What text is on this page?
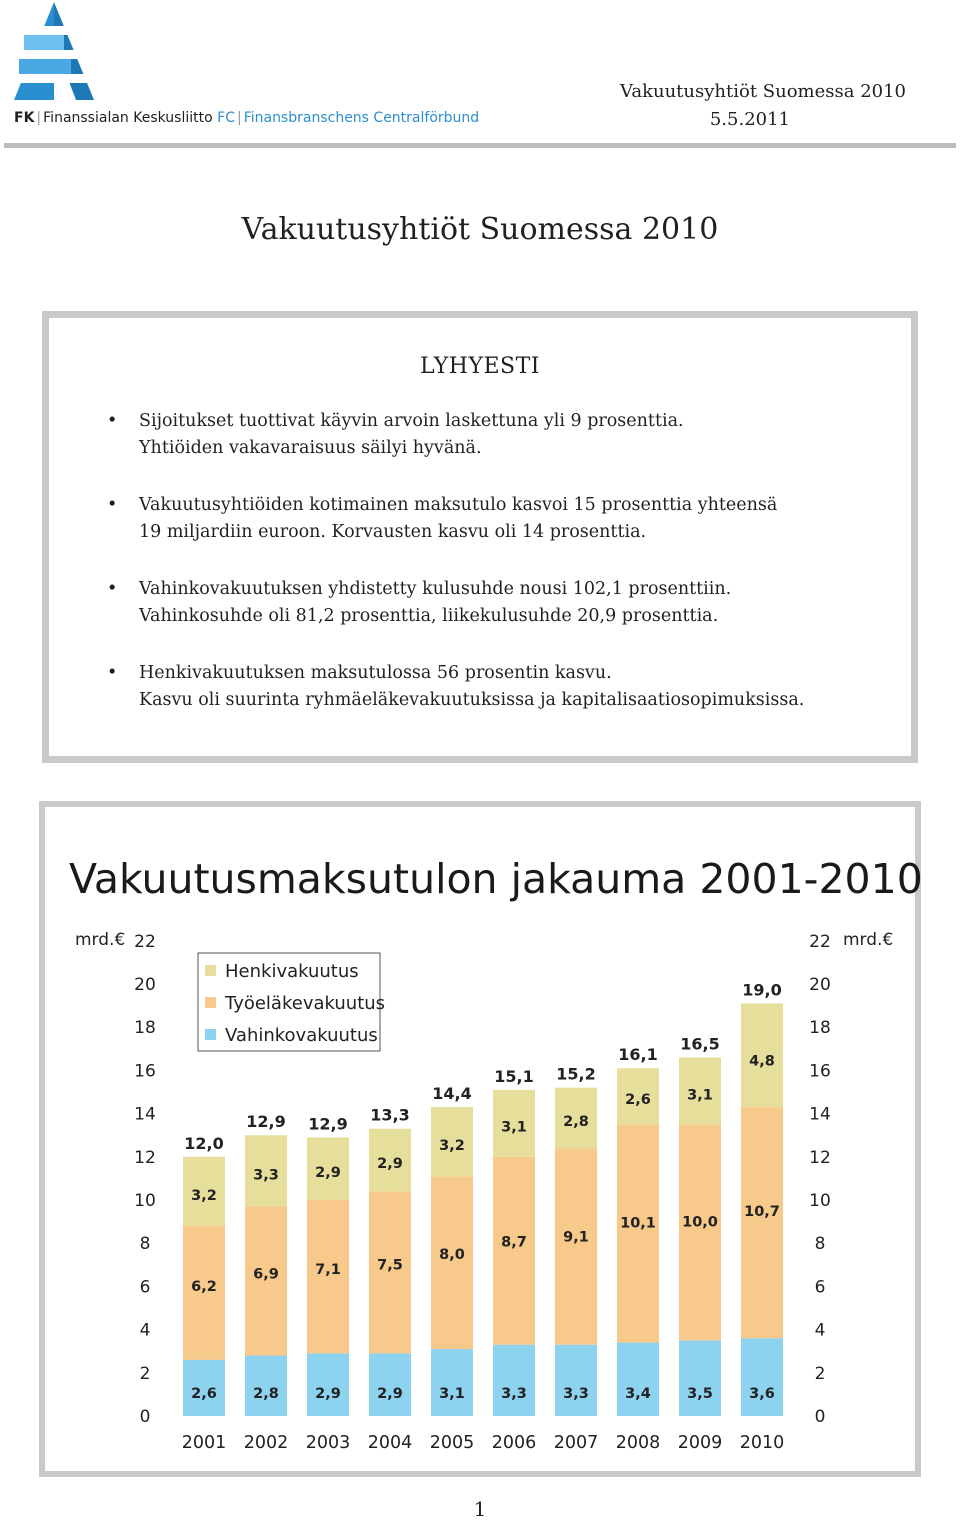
FK | Finanssialan Keskusliitto FC | Finansbranschens Centralförbund
Vakuutusyhtiöt Suomessa 2010
5.5.2011
Vakuutusyhtiöt Suomessa 2010
LYHYESTI
• Sijoitukset tuottivat käyvin arvoin laskettuna yli 9 prosenttia.
Yhtiöiden vakavaraisuus säilyi hyvänä.
• Vakuutusyhtiöiden kotimainen maksutulo kasvoi 15 prosenttia yhteensä
19 miljardiin euroon. Korvausten kasvu oli 14 prosenttia.
• Vahinkovakuutuksen yhdistetty kulusuhde nousi 102,1 prosenttiin.
Vahinkosuhde oli 81,2 prosenttia, liikekulusuhde 20,9 prosenttia.
• Henkivakuutuksen maksutulossa 56 prosentin kasvu.
Kasvu oli suurinta ryhmäeläkevakuutuksissa ja kapitalisaatiosopimuksissa.
Vakuutusmaksutulon jakauma 2001-2010
0	0
2	2
4	4
6	6
8	8
10	10
12	12
14	14
16	16
18	18
20	20
22	22
mrd.€	mrd.€
2,6
6,2
3,2
12,0
2001
2,8
6,9
3,3
12,9
2002
2,9
7,1
2,9
12,9
2003
2,9
7,5
2,9
13,3
2004
3,1
8,0
3,2
14,4
2005
3,3
8,7
3,1
15,1
2006
3,3
9,1
2,8
15,2
2007
3,4
10,1
2,6
16,1
2008
3,5
10,0
3,1
16,5
2009
3,6
10,7
4,8
19,0
2010
Henkivakuutus
Työeläkevakuutus
Vahinkovakuutus
1
